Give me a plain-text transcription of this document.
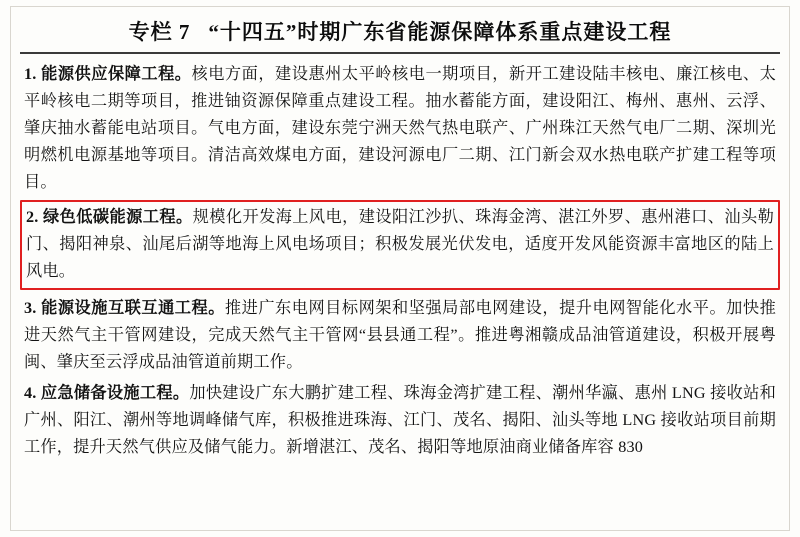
专栏 7 “十四五”时期广东省能源保障体系重点建设工程

1. 能源供应保障工程。核电方面，建设惠州太平岭核电一期项目，新开工建设陆丰核电、廉江核电、太平岭核电二期等项目，推进铀资源保障重点建设工程。抽水蓄能方面，建设阳江、梅州、惠州、云浮、肇庆抽水蓄能电站项目。气电方面，建设东莞宁洲天然气热电联产、广州珠江天然气电厂二期、深圳光明燃机电源基地等项目。清洁高效煤电方面，建设河源电厂二期、江门新会双水热电联产扩建工程等项目。

2. 绿色低碳能源工程。规模化开发海上风电，建设阳江沙扒、珠海金湾、湛江外罗、惠州港口、汕头勒门、揭阳神泉、汕尾后湖等地海上风电场项目；积极发展光伏发电，适度开发风能资源丰富地区的陆上风电。

3. 能源设施互联互通工程。推进广东电网目标网架和坚强局部电网建设，提升电网智能化水平。加快推进天然气主干管网建设，完成天然气主干管网“县县通工程”。推进粤湘赣成品油管道建设，积极开展粤闽、肇庆至云浮成品油管道前期工作。

4. 应急储备设施工程。加快建设广东大鹏扩建工程、珠海金湾扩建工程、潮州华瀛、惠州 LNG 接收站和广州、阳江、潮州等地调峰储气库，积极推进珠海、江门、茂名、揭阳、汕头等地 LNG 接收站项目前期工作，提升天然气供应及储气能力。新增湛江、茂名、揭阳等地原油商业储备库容 830
